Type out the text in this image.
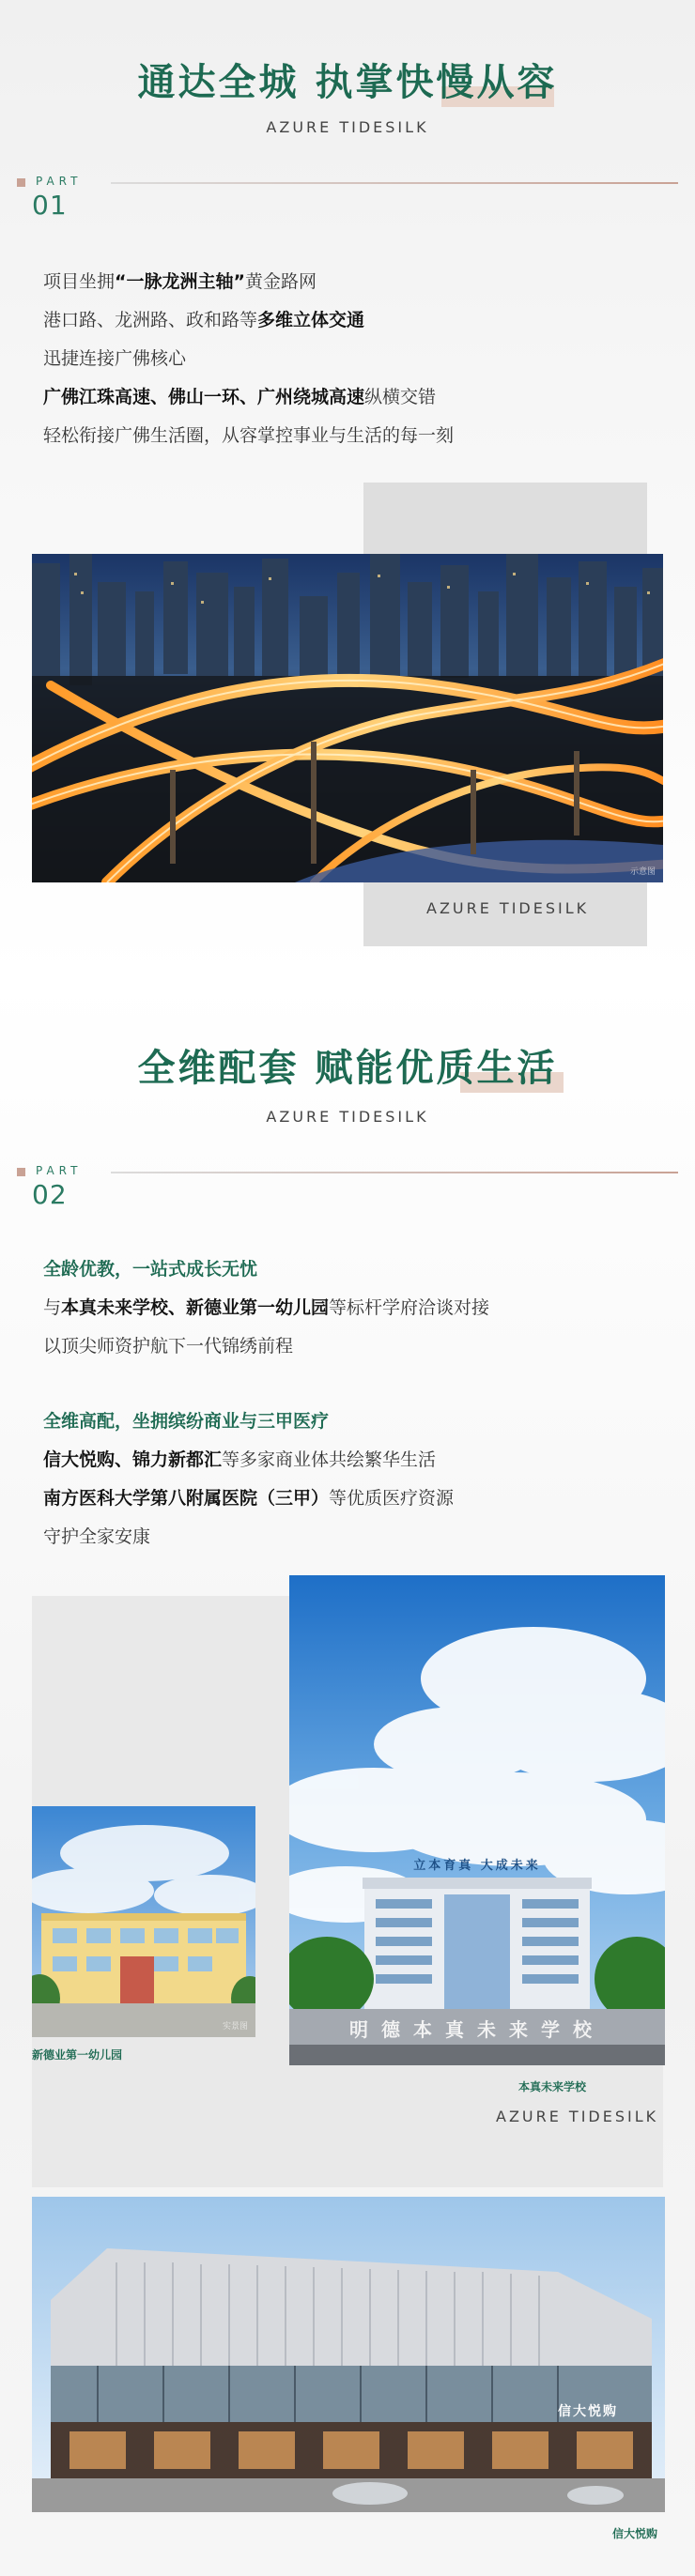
通达全城 执掌快慢从容
AZURE TIDESILK
PART
01

项目坐拥“一脉龙洲主轴”黄金路网

港口路、龙洲路、政和路等多维立体交通

迅捷连接广佛核心

广佛江珠高速、佛山一环、广州绕城高速纵横交错

轻松衔接广佛生活圈，从容掌控事业与生活的每一刻

示意图
AZURE TIDESILK
全维配套 赋能优质生活
AZURE TIDESILK
PART
02

全龄优教，一站式成长无忧

与本真未来学校、新德业第一幼儿园等标杆学府洽谈对接

以顶尖师资护航下一代锦绣前程

全维高配，坐拥缤纷商业与三甲医疗

信大悦购、锦力新都汇等多家商业体共绘繁华生活

南方医科大学第八附属医院（三甲）等优质医疗资源

守护全家安康

立本育真 大成未来
明德本真未来学校
实景图
本真未来学校
新德业第一幼儿园
AZURE TIDESILK
信大悦购
信大悦购
